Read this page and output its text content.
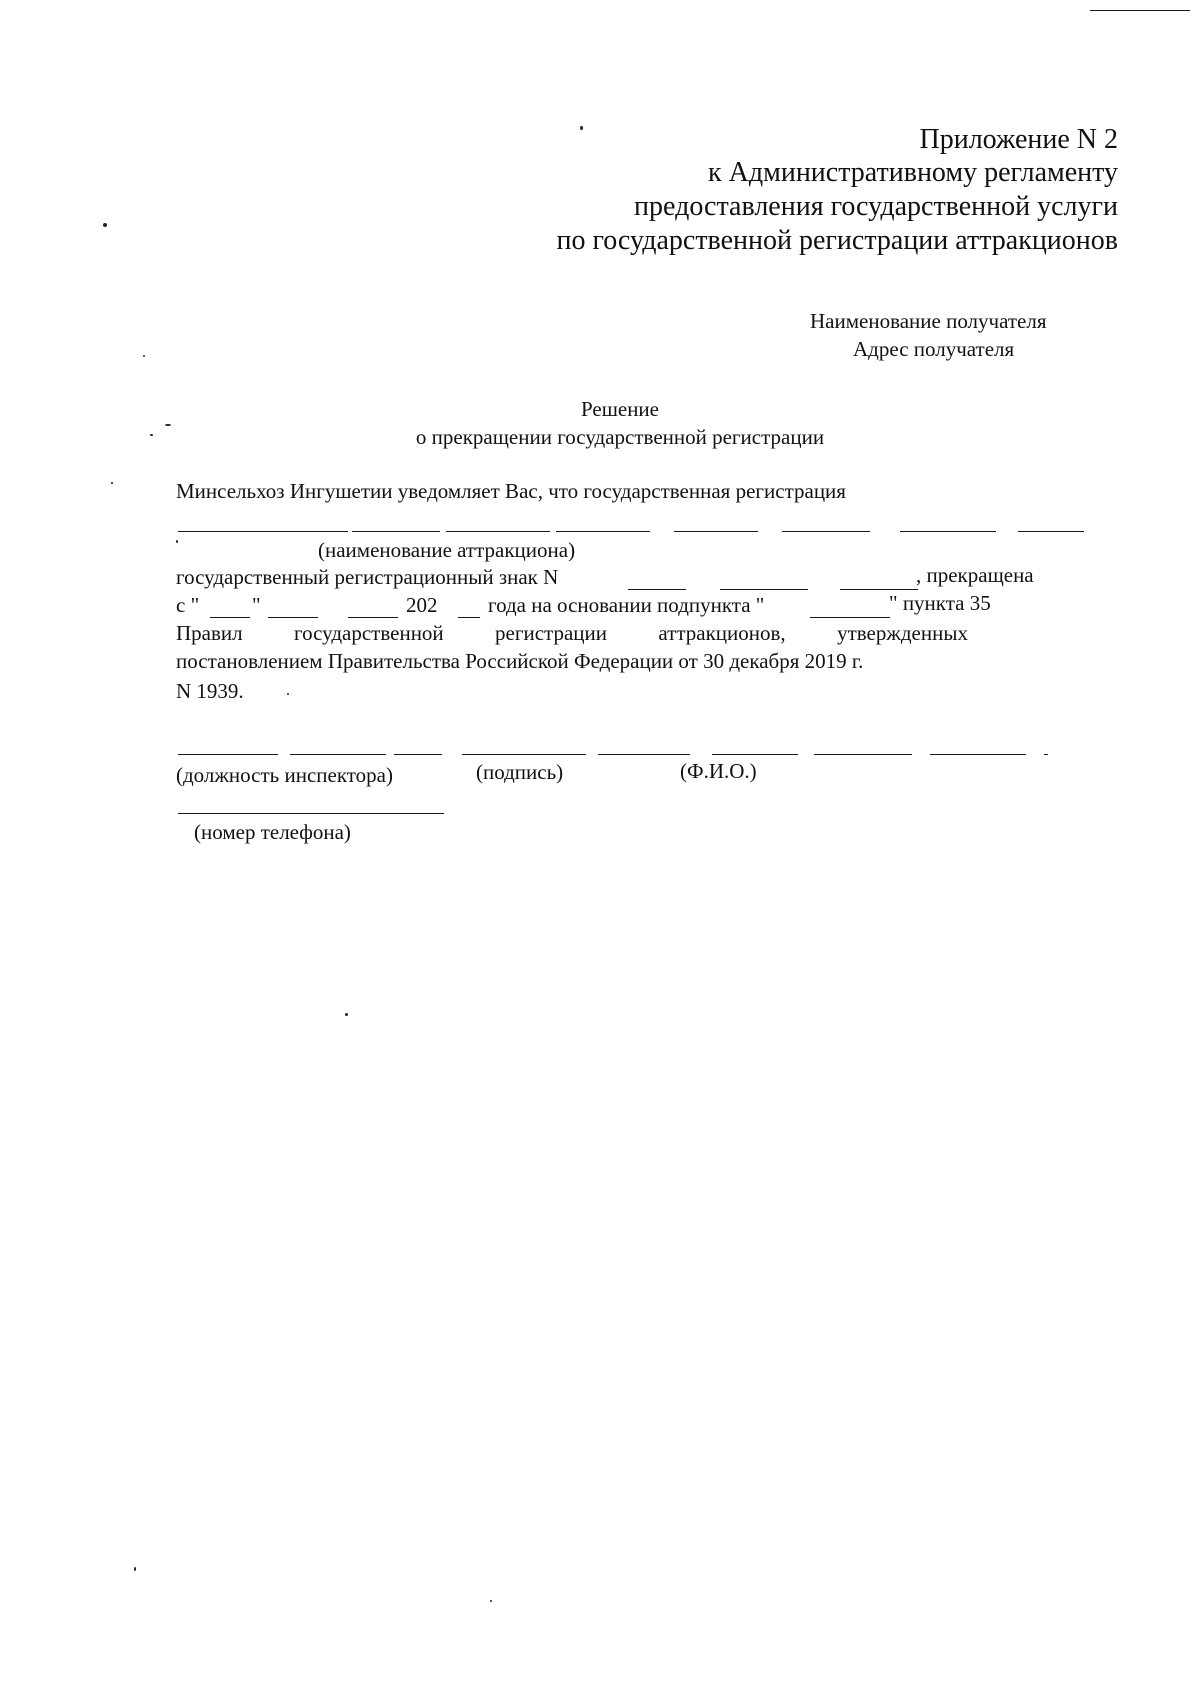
Приложение N 2
к Административному регламенту
предоставления государственной услуги
по государственной регистрации аттракционов
Наименование получателя
Адрес получателя
Решение
о прекращении государственной регистрации
Минсельхоз Ингушетии уведомляет Вас, что государственная регистрация
(наименование аттракциона)
государственный регистрационный знак N	, прекращена
с "	"	202 года на основании подпункта "	" пункта 35
Правил государственной регистрации аттракционов, утвержденных
постановлением Правительства Российской Федерации от 30 декабря 2019 г.
N 1939.
(должность инспектора)	(подпись)	(Ф.И.О.)
(номер телефона)
